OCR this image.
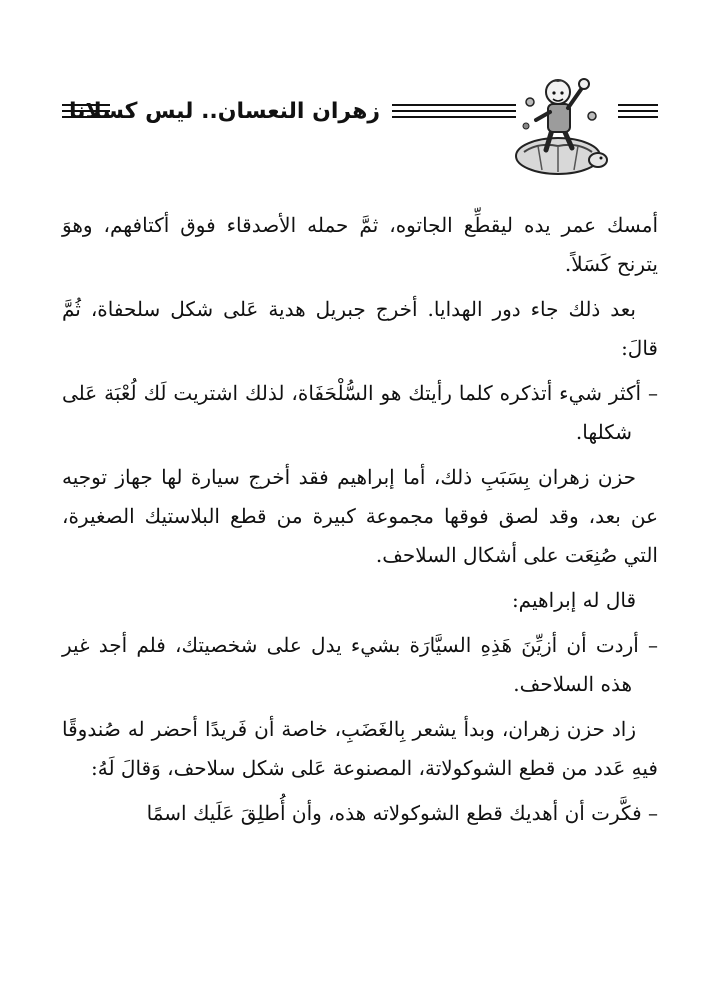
زهران النعسان.. ليس كسلانا

أمسك عمر يده ليقطِّع الجاتوه، ثمَّ حمله الأصدقاء فوق أكتافهم، وهوَ يترنح كَسَلاً.

بعد ذلك جاء دور الهدايا. أخرج جبريل هدية عَلى شكل سلحفاة، ثُمَّ قالَ:

– أكثر شيء أتذكره كلما رأيتك هو السُّلْحَفَاة، لذلك اشتريت لَك لُعْبَة عَلى شكلها.

حزن زهران بِسَبَبِ ذلك، أما إبراهيم فقد أخرج سيارة لها جهاز توجيه عن بعد، وقد لصق فوقها مجموعة كبيرة من قطع البلاستيك الصغيرة، التي صُنِعَت على أشكال السلاحف.

قال له إبراهيم:

– أردت أن أزيِّنَ هَذِهِ السيَّارَة بشيء يدل على شخصيتك، فلم أجد غير هذه السلاحف.

زاد حزن زهران، وبدأ يشعر بِالغَضَبِ، خاصة أن فَريدًا أحضر له صُندوقًا فيهِ عَدد من قطع الشوكولاتة، المصنوعة عَلى شكل سلاحف، وَقالَ لَهُ:

– فكَّرت أن أهديك قطع الشوكولاته هذه، وأن أُطلِقَ عَلَيك اسمًا
